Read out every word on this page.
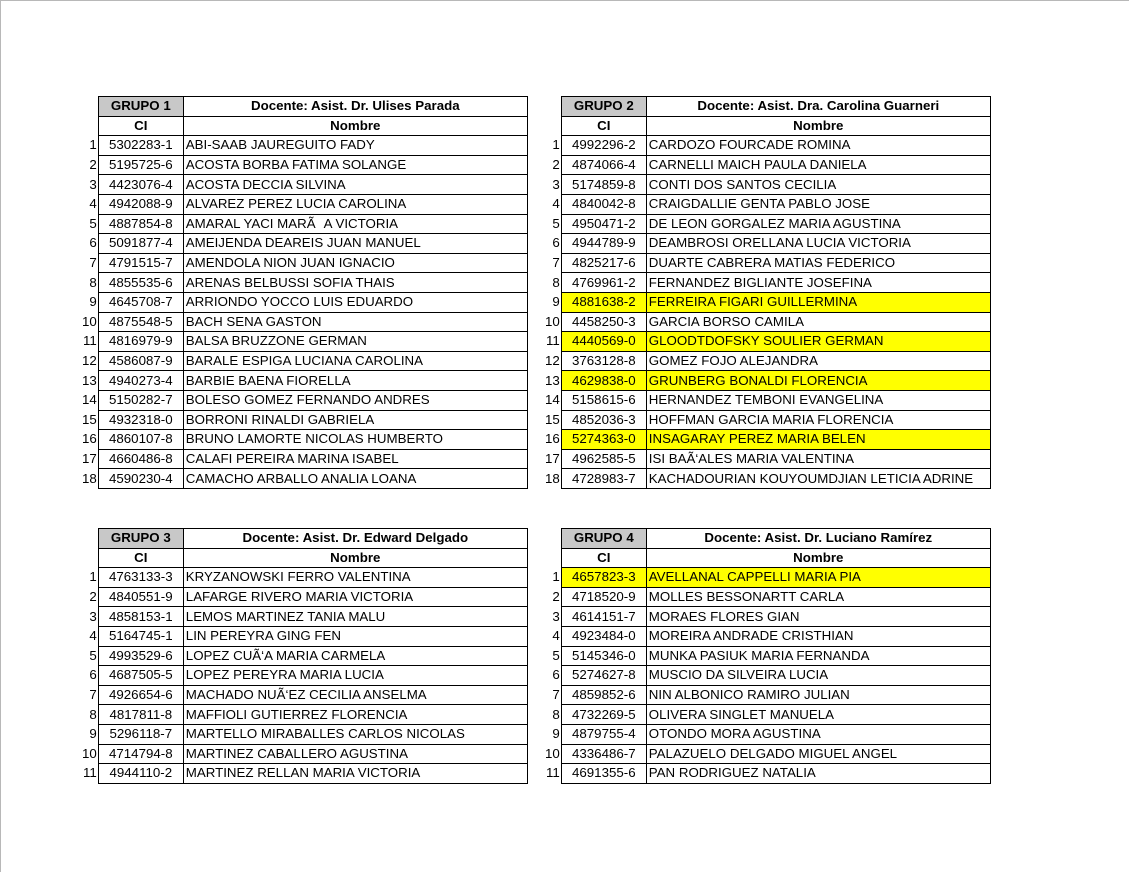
	GRUPO 1	Docente: Asist. Dr. Ulises Parada
	CI	Nombre
1	5302283-1	ABI-SAAB JAUREGUITO FADY
2	5195725-6	ACOSTA BORBA FATIMA SOLANGE
3	4423076-4	ACOSTA DECCIA SILVINA
4	4942088-9	ALVAREZ PEREZ LUCIA CAROLINA
5	4887854-8	AMARAL YACI MARÃA VICTORIA
6	5091877-4	AMEIJENDA DEAREIS JUAN MANUEL
7	4791515-7	AMENDOLA NION JUAN IGNACIO
8	4855535-6	ARENAS BELBUSSI SOFIA THAIS
9	4645708-7	ARRIONDO YOCCO LUIS EDUARDO
10	4875548-5	BACH SENA GASTON
11	4816979-9	BALSA BRUZZONE GERMAN
12	4586087-9	BARALE ESPIGA LUCIANA CAROLINA
13	4940273-4	BARBIE BAENA FIORELLA
14	5150282-7	BOLESO GOMEZ FERNANDO ANDRES
15	4932318-0	BORRONI RINALDI GABRIELA
16	4860107-8	BRUNO LAMORTE NICOLAS HUMBERTO
17	4660486-8	CALAFI PEREIRA MARINA ISABEL
18	4590230-4	CAMACHO ARBALLO ANALIA LOANA
	GRUPO 2	Docente: Asist. Dra. Carolina Guarneri
	CI	Nombre
1	4992296-2	CARDOZO FOURCADE ROMINA
2	4874066-4	CARNELLI MAICH PAULA DANIELA
3	5174859-8	CONTI DOS SANTOS CECILIA
4	4840042-8	CRAIGDALLIE GENTA PABLO JOSE
5	4950471-2	DE LEON GORGALEZ MARIA AGUSTINA
6	4944789-9	DEAMBROSI ORELLANA LUCIA VICTORIA
7	4825217-6	DUARTE CABRERA MATIAS FEDERICO
8	4769961-2	FERNANDEZ BIGLIANTE JOSEFINA
9	4881638-2	FERREIRA FIGARI GUILLERMINA
10	4458250-3	GARCIA BORSO CAMILA
11	4440569-0	GLOODTDOFSKY SOULIER GERMAN
12	3763128-8	GOMEZ FOJO ALEJANDRA
13	4629838-0	GRUNBERG BONALDI FLORENCIA
14	5158615-6	HERNANDEZ TEMBONI EVANGELINA
15	4852036-3	HOFFMAN GARCIA MARIA FLORENCIA
16	5274363-0	INSAGARAY PEREZ MARIA BELEN
17	4962585-5	ISI BAÃ‘ALES MARIA VALENTINA
18	4728983-7	KACHADOURIAN KOUYOUMDJIAN LETICIA ADRINE
	GRUPO 3	Docente: Asist. Dr. Edward Delgado
	CI	Nombre
1	4763133-3	KRYZANOWSKI FERRO VALENTINA
2	4840551-9	LAFARGE RIVERO MARIA VICTORIA
3	4858153-1	LEMOS MARTINEZ TANIA MALU
4	5164745-1	LIN PEREYRA GING FEN
5	4993529-6	LOPEZ CUÃ‘A MARIA CARMELA
6	4687505-5	LOPEZ PEREYRA MARIA LUCIA
7	4926654-6	MACHADO NUÃ‘EZ CECILIA ANSELMA
8	4817811-8	MAFFIOLI GUTIERREZ FLORENCIA
9	5296118-7	MARTELLO MIRABALLES CARLOS NICOLAS
10	4714794-8	MARTINEZ CABALLERO AGUSTINA
11	4944110-2	MARTINEZ RELLAN MARIA VICTORIA
	GRUPO 4	Docente: Asist. Dr. Luciano Ramírez
	CI	Nombre
1	4657823-3	AVELLANAL CAPPELLI MARIA PIA
2	4718520-9	MOLLES BESSONARTT CARLA
3	4614151-7	MORAES FLORES GIAN
4	4923484-0	MOREIRA ANDRADE CRISTHIAN
5	5145346-0	MUNKA PASIUK MARIA FERNANDA
6	5274627-8	MUSCIO DA SILVEIRA LUCIA
7	4859852-6	NIN ALBONICO RAMIRO JULIAN
8	4732269-5	OLIVERA SINGLET MANUELA
9	4879755-4	OTONDO MORA AGUSTINA
10	4336486-7	PALAZUELO DELGADO MIGUEL ANGEL
11	4691355-6	PAN RODRIGUEZ NATALIA
